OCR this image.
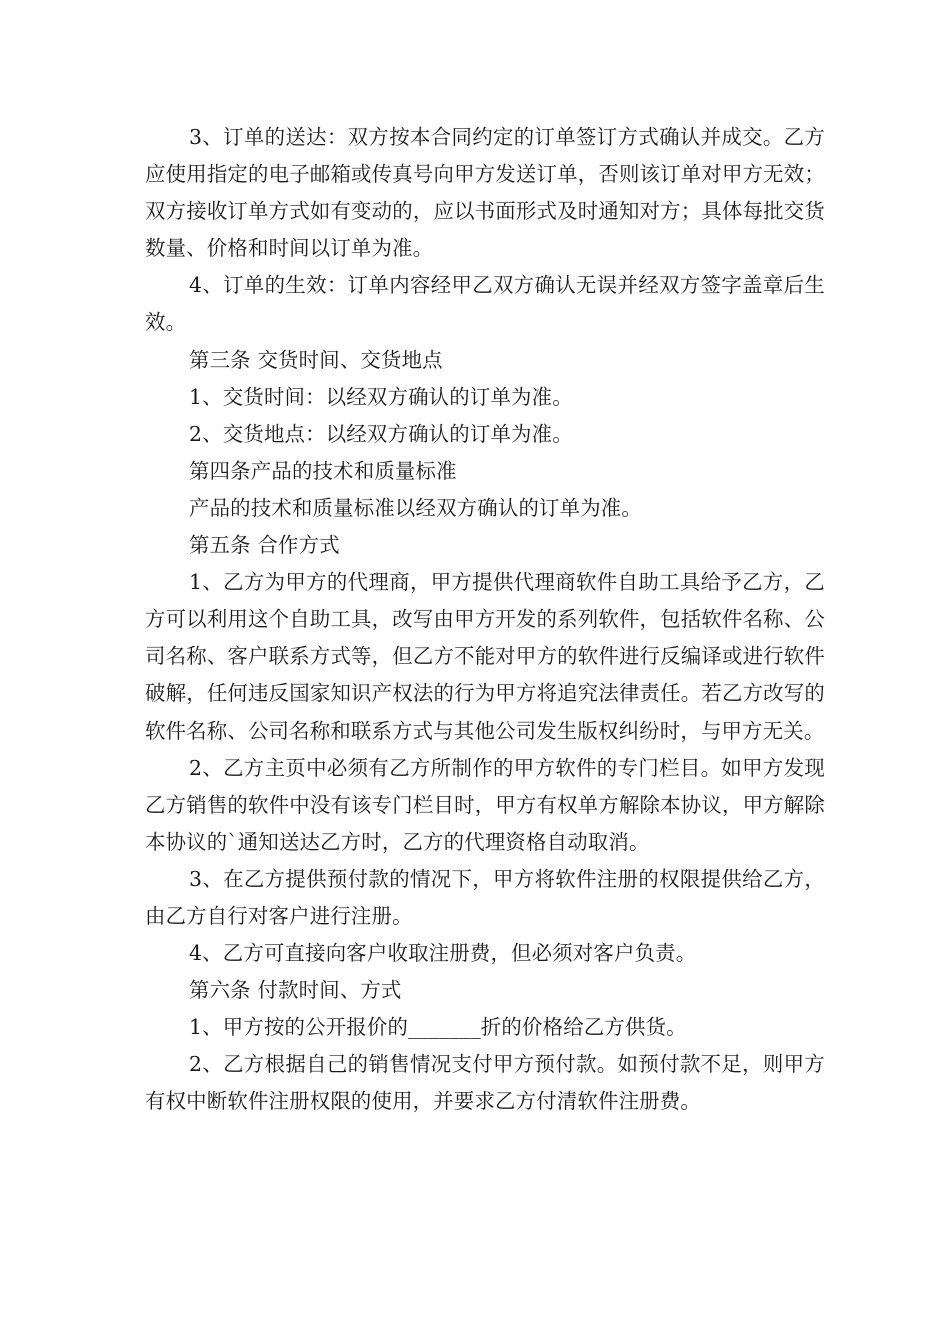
3、订单的送达：双方按本合同约定的订单签订方式确认并成交。乙方应使用指定的电子邮箱或传真号向甲方发送订单，否则该订单对甲方无效；双方接收订单方式如有变动的，应以书面形式及时通知对方；具体每批交货数量、价格和时间以订单为准。

4、订单的生效：订单内容经甲乙双方确认无误并经双方签字盖章后生效。

第三条 交货时间、交货地点

1、交货时间：以经双方确认的订单为准。

2、交货地点：以经双方确认的订单为准。

第四条产品的技术和质量标准

产品的技术和质量标准以经双方确认的订单为准。

第五条 合作方式

1、乙方为甲方的代理商，甲方提供代理商软件自助工具给予乙方，乙方可以利用这个自助工具，改写由甲方开发的系列软件，包括软件名称、公司名称、客户联系方式等，但乙方不能对甲方的软件进行反编译或进行软件破解，任何违反国家知识产权法的行为甲方将追究法律责任。若乙方改写的软件名称、公司名称和联系方式与其他公司发生版权纠纷时，与甲方无关。

2、乙方主页中必须有乙方所制作的甲方软件的专门栏目。如甲方发现乙方销售的软件中没有该专门栏目时，甲方有权单方解除本协议，甲方解除本协议的`通知送达乙方时，乙方的代理资格自动取消。

3、在乙方提供预付款的情况下，甲方将软件注册的权限提供给乙方，由乙方自行对客户进行注册。

4、乙方可直接向客户收取注册费，但必须对客户负责。

第六条 付款时间、方式

1、甲方按的公开报价的_______折的价格给乙方供货。

2、乙方根据自己的销售情况支付甲方预付款。如预付款不足，则甲方有权中断软件注册权限的使用，并要求乙方付清软件注册费。
